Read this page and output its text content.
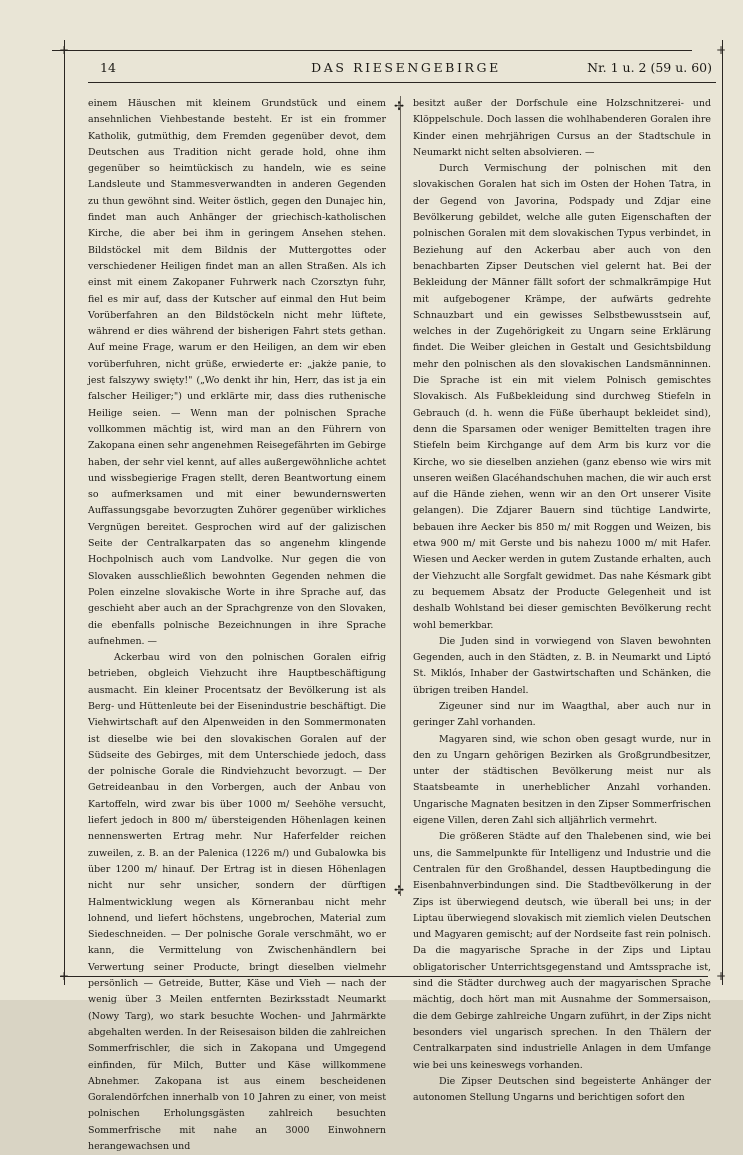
+	+
+	+
14	DAS RIESENGEBIRGE	Nr. 1 u. 2 (59 u. 60)
✢
✢

einem Häuschen mit kleinem Grundstück und einem ansehnlichen Viehbestande besteht. Er ist ein frommer Katholik, gutmüthig, dem Fremden gegenüber devot, dem Deutschen aus Tradition nicht gerade hold, ohne ihm gegenüber so heimtückisch zu handeln, wie es seine Landsleute und Stammesverwandten in anderen Gegenden zu thun gewöhnt sind. Weiter östlich, gegen den Dunajec hin, findet man auch Anhänger der griechisch-katholischen Kirche, die aber bei ihm in geringem Ansehen stehen. Bildstöckel mit dem Bildnis der Muttergottes oder verschiedener Heiligen findet man an allen Straßen. Als ich einst mit einem Zakopaner Fuhrwerk nach Czorsztyn fuhr, fiel es mir auf, dass der Kutscher auf einmal den Hut beim Vorüberfahren an den Bildstöckeln nicht mehr lüftete, während er dies während der bisherigen Fahrt stets gethan. Auf meine Frage, warum er den Heiligen, an dem wir eben vorüberfuhren, nicht grüße, erwiederte er: „jakże panie, to jest falszywy swięty!" („Wo denkt ihr hin, Herr, das ist ja ein falscher Heiliger;") und erklärte mir, dass dies ruthenische Heilige seien. — Wenn man der polnischen Sprache vollkommen mächtig ist, wird man an den Führern von Zakopana einen sehr angenehmen Reisegefährten im Gebirge haben, der sehr viel kennt, auf alles außergewöhnliche achtet und wissbegierige Fragen stellt, deren Beantwortung einem so aufmerksamen und mit einer bewundernswerten Auffassungsgabe bevorzugten Zuhörer gegenüber wirkliches Vergnügen bereitet. Gesprochen wird auf der galizischen Seite der Centralkarpaten das so angenehm klingende Hochpolnisch auch vom Landvolke. Nur gegen die von Slovaken ausschließlich bewohnten Gegenden nehmen die Polen einzelne slovakische Worte in ihre Sprache auf, das geschieht aber auch an der Sprachgrenze von den Slovaken, die ebenfalls polnische Bezeichnungen in ihre Sprache aufnehmen. —

Ackerbau wird von den polnischen Goralen eifrig betrieben, obgleich Viehzucht ihre Hauptbeschäftigung ausmacht. Ein kleiner Procentsatz der Bevölkerung ist als Berg- und Hüttenleute bei der Eisenindustrie beschäftigt. Die Viehwirtschaft auf den Alpenweiden in den Sommermonaten ist dieselbe wie bei den slovakischen Goralen auf der Südseite des Gebirges, mit dem Unterschiede jedoch, dass der polnische Gorale die Rindviehzucht bevorzugt. — Der Getreideanbau in den Vorbergen, auch der Anbau von Kartoffeln, wird zwar bis über 1000 m/ Seehöhe versucht, liefert jedoch in 800 m/ übersteigenden Höhenlagen keinen nennenswerten Ertrag mehr. Nur Haferfelder reichen zuweilen, z. B. an der Palenica (1226 m/) und Gubalowka bis über 1200 m/ hinauf. Der Ertrag ist in diesen Höhenlagen nicht nur sehr unsicher, sondern der dürftigen Halmentwicklung wegen als Körneranbau nicht mehr lohnend, und liefert höchstens, ungebrochen, Material zum Siedeschneiden. — Der polnische Gorale verschmäht, wo er kann, die Vermittelung von Zwischenhändlern bei Verwertung seiner Producte, bringt dieselben vielmehr persönlich — Getreide, Butter, Käse und Vieh — nach der wenig über 3 Meilen entfernten Bezirksstadt Neumarkt (Nowy Targ), wo stark besuchte Wochen- und Jahrmärkte abgehalten werden. In der Reisesaison bilden die zahlreichen Sommerfrischler, die sich in Zakopana und Umgegend einfinden, für Milch, Butter und Käse willkommene Abnehmer. Zakopana ist aus einem bescheidenen Goralendörfchen innerhalb von 10 Jahren zu einer, von meist polnischen Erholungsgästen zahlreich besuchten Sommerfrische mit nahe an 3000 Einwohnern herangewachsen und

besitzt außer der Dorfschule eine Holzschnitzerei- und Klöppelschule. Doch lassen die wohlhabenderen Goralen ihre Kinder einen mehrjährigen Cursus an der Stadtschule in Neumarkt nicht selten absolvieren. —

Durch Vermischung der polnischen mit den slovakischen Goralen hat sich im Osten der Hohen Tatra, in der Gegend von Javorina, Podspady und Zdjar eine Bevölkerung gebildet, welche alle guten Eigenschaften der polnischen Goralen mit dem slovakischen Typus verbindet, in Beziehung auf den Ackerbau aber auch von den benachbarten Zipser Deutschen viel gelernt hat. Bei der Bekleidung der Männer fällt sofort der schmalkrämpige Hut mit aufgebogener Krämpe, der aufwärts gedrehte Schnauzbart und ein gewisses Selbstbewusstsein auf, welches in der Zugehörigkeit zu Ungarn seine Erklärung findet. Die Weiber gleichen in Gestalt und Gesichtsbildung mehr den polnischen als den slovakischen Landsmänninnen. Die Sprache ist ein mit vielem Polnisch gemischtes Slovakisch. Als Fußbekleidung sind durchweg Stiefeln in Gebrauch (d. h. wenn die Füße überhaupt bekleidet sind), denn die Sparsamen oder weniger Bemittelten tragen ihre Stiefeln beim Kirchgange auf dem Arm bis kurz vor die Kirche, wo sie dieselben anziehen (ganz ebenso wie wirs mit unseren weißen Glacéhandschuhen machen, die wir auch erst auf die Hände ziehen, wenn wir an den Ort unserer Visite gelangen). Die Zdjarer Bauern sind tüchtige Landwirte, bebauen ihre Aecker bis 850 m/ mit Roggen und Weizen, bis etwa 900 m/ mit Gerste und bis nahezu 1000 m/ mit Hafer. Wiesen und Aecker werden in gutem Zustande erhalten, auch der Viehzucht alle Sorgfalt gewidmet. Das nahe Késmark gibt zu bequemem Absatz der Producte Gelegenheit und ist deshalb Wohlstand bei dieser gemischten Bevölkerung recht wohl bemerkbar.

Die Juden sind in vorwiegend von Slaven bewohnten Gegenden, auch in den Städten, z. B. in Neumarkt und Liptó St. Miklós, Inhaber der Gastwirtschaften und Schänken, die übrigen treiben Handel.

Zigeuner sind nur im Waagthal, aber auch nur in geringer Zahl vorhanden.

Magyaren sind, wie schon oben gesagt wurde, nur in den zu Ungarn gehörigen Bezirken als Großgrundbesitzer, unter der städtischen Bevölkerung meist nur als Staatsbeamte in unerheblicher Anzahl vorhanden. Ungarische Magnaten besitzen in den Zipser Sommerfrischen eigene Villen, deren Zahl sich alljährlich vermehrt.

Die größeren Städte auf den Thalebenen sind, wie bei uns, die Sammelpunkte für Intelligenz und Industrie und die Centralen für den Großhandel, dessen Hauptbedingung die Eisenbahnverbindungen sind. Die Stadtbevölkerung in der Zips ist überwiegend deutsch, wie überall bei uns; in der Liptau überwiegend slovakisch mit ziemlich vielen Deutschen und Magyaren gemischt; auf der Nordseite fast rein polnisch. Da die magyarische Sprache in der Zips und Liptau obligatorischer Unterrichtsgegenstand und Amtssprache ist, sind die Städter durchweg auch der magyarischen Sprache mächtig, doch hört man mit Ausnahme der Sommersaison, die dem Gebirge zahlreiche Ungarn zuführt, in der Zips nicht besonders viel ungarisch sprechen. In den Thälern der Centralkarpaten sind industrielle Anlagen in dem Umfange wie bei uns keineswegs vorhanden.

Die Zipser Deutschen sind begeisterte Anhänger der autonomen Stellung Ungarns und berichtigen sofort den
